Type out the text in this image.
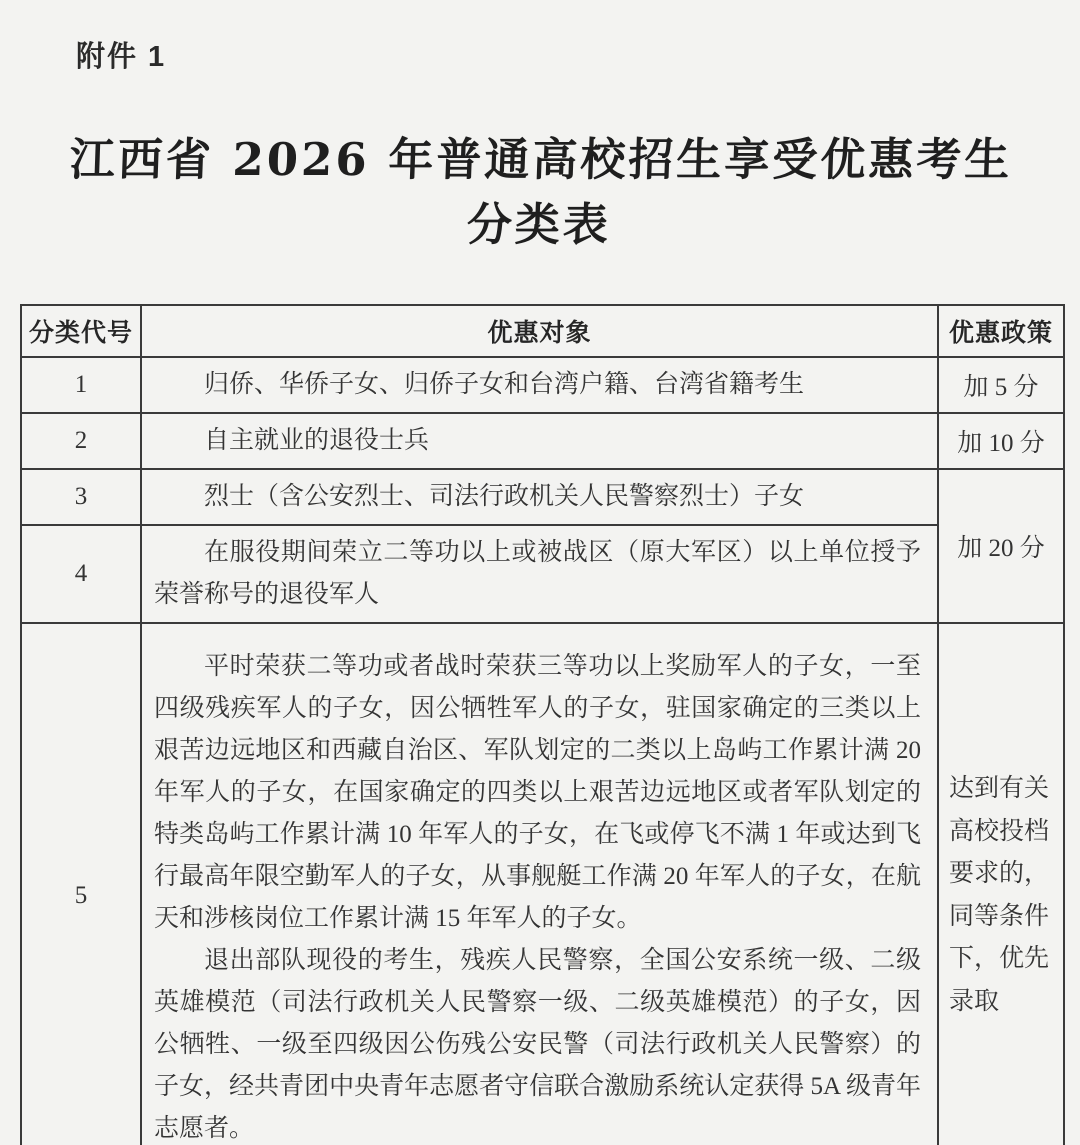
附件 1
江西省 2026 年普通高校招生享受优惠考生
分类表
分类代号	优惠对象	优惠政策
1	归侨、华侨子女、归侨子女和台湾户籍、台湾省籍考生	加 5 分
2	自主就业的退役士兵	加 10 分
3	烈士（含公安烈士、司法行政机关人民警察烈士）子女	加 20 分
4	在服役期间荣立二等功以上或被战区（原大军区）以上单位授予荣誉称号的退役军人	

5	平时荣获二等功或者战时荣获三等功以上奖励军人的子女，一至四级残疾军人的子女，因公牺牲军人的子女，驻国家确定的三类以上艰苦边远地区和西藏自治区、军队划定的二类以上岛屿工作累计满 20 年军人的子女，在国家确定的四类以上艰苦边远地区或者军队划定的特类岛屿工作累计满 10 年军人的子女，在飞或停飞不满 1 年或达到飞行最高年限空勤军人的子女，从事舰艇工作满 20 年军人的子女，在航天和涉核岗位工作累计满 15 年军人的子女。

退出部队现役的考生，残疾人民警察，全国公安系统一级、二级英雄模范（司法行政机关人民警察一级、二级英雄模范）的子女，因公牺牲、一级至四级因公伤残公安民警（司法行政机关人民警察）的子女，经共青团中央青年志愿者守信联合激励系统认定获得 5A 级青年志愿者。	达到有关高校投档要求的，同等条件下，优先录取
